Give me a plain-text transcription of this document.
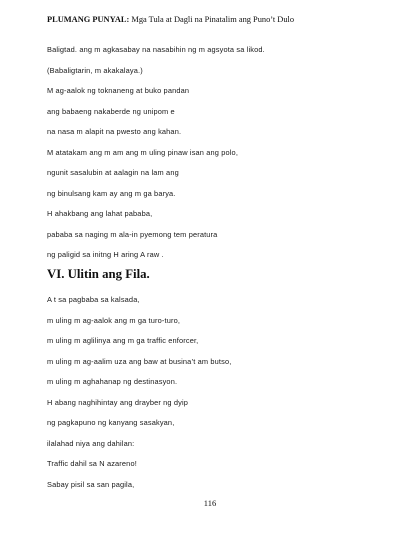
PLUMANG PUNYAL: Mga Tula at Dagli na Pinatalim ang Puno’t Dulo
Baligtad. ang m agkasabay na nasabihin ng m agsyota sa likod.
(Babaligtarin, m akakalaya.)
M ag-aalok ng toknaneng at buko pandan
ang babaeng nakaberde ng unipom e
na nasa m alapit na pwesto ang kahan.
M atatakam ang m am ang m uling pinaw isan ang polo,
ngunit sasalubin at aalagin na lam ang
ng binulsang kam ay ang m ga barya.
H ahakbang ang lahat pababa,
pababa sa naging m ala-in pyemong tem peratura
ng paligid sa initng H aring A raw .
VI. Ulitin ang Fila.
A t sa pagbaba sa kalsada,
m uling m ag-aalok ang m ga turo-turo,
m uling m aglilinya ang m ga traffic enforcer,
m uling m ag-aalim uza ang baw at busina’t am butso,
m uling m aghahanap ng destinasyon.
H abang naghihintay ang drayber ng dyip
ng pagkapuno ng kanyang sasakyan,
ilalahad niya ang dahilan:
Traffic dahil sa N azareno!
Sabay pisil sa san pagila,
116
